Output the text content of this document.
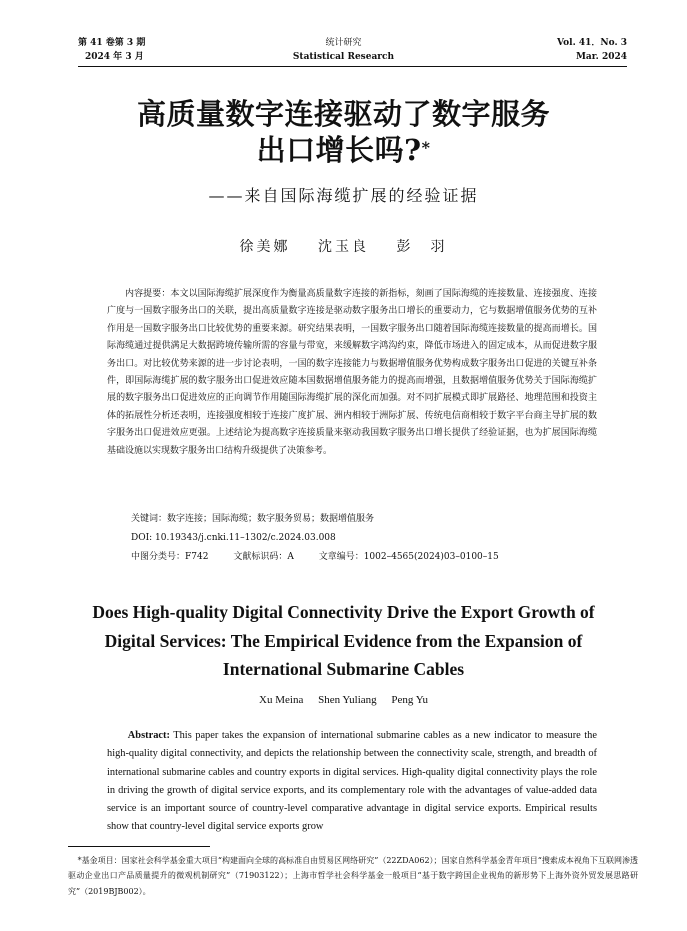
第 41 卷第 3 期
2024 年 3 月
统计研究
Statistical Research
Vol. 41．No. 3
Mar. 2024
高质量数字连接驱动了数字服务
出口增长吗?*
——来自国际海缆扩展的经验证据
徐美娜 沈玉良 彭　羽

内容提要：本文以国际海缆扩展深度作为衡量高质量数字连接的新指标，刻画了国际海缆的连接数量、连接强度、连接广度与一国数字服务出口的关联，提出高质量数字连接是驱动数字服务出口增长的重要动力，它与数据增值服务优势的互补作用是一国数字服务出口比较优势的重要来源。研究结果表明，一国数字服务出口随着国际海缆连接数量的提高而增长。国际海缆通过提供满足大数据跨境传输所需的容量与带宽，来缓解数字鸿沟约束，降低市场进入的固定成本，从而促进数字服务出口。对比较优势来源的进一步讨论表明，一国的数字连接能力与数据增值服务优势构成数字服务出口促进的关键互补条件，即国际海缆扩展的数字服务出口促进效应随本国数据增值服务能力的提高而增强，且数据增值服务优势关于国际海缆扩展的数字服务出口促进效应的正向调节作用随国际海缆扩展的深化而加强。对不同扩展模式即扩展路径、地理范围和投资主体的拓展性分析还表明，连接强度相较于连接广度扩展、洲内相较于洲际扩展、传统电信商相较于数字平台商主导扩展的数字服务出口促进效应更强。上述结论为提高数字连接质量来驱动我国数字服务出口增长提供了经验证据，也为扩展国际海缆基础设施以实现数字服务出口结构升级提供了决策参考。

关键词：数字连接；国际海缆；数字服务贸易；数据增值服务
DOI: 10.19343/j.cnki.11–1302/c.2024.03.008
中图分类号：F742	文献标识码：A	文章编号：1002–4565(2024)03–0100–15
Does High-quality Digital Connectivity Drive the Export Growth of
Digital Services: The Empirical Evidence from the Expansion of
International Submarine Cables
Xu Meina Shen Yuliang Peng Yu

Abstract: This paper takes the expansion of international submarine cables as a new indicator to measure the high-quality digital connectivity, and depicts the relationship between the connectivity scale, strength, and breadth of international submarine cables and country exports in digital services. High-quality digital connectivity plays the role in driving the growth of digital service exports, and its complementary role with the advantages of value-added data service is an important source of country-level comparative advantage in digital service exports. Empirical results show that country-level digital service exports grow

*基金项目：国家社会科学基金重大项目“构建面向全球的高标准自由贸易区网络研究”（22ZDA062）；国家自然科学基金青年项目“搜索成本视角下互联网渗透驱动企业出口产品质量提升的微观机制研究”（71903122）；上海市哲学社会科学基金一般项目“基于数字跨国企业视角的新形势下上海外资外贸发展思路研究”（2019BJB002）。
